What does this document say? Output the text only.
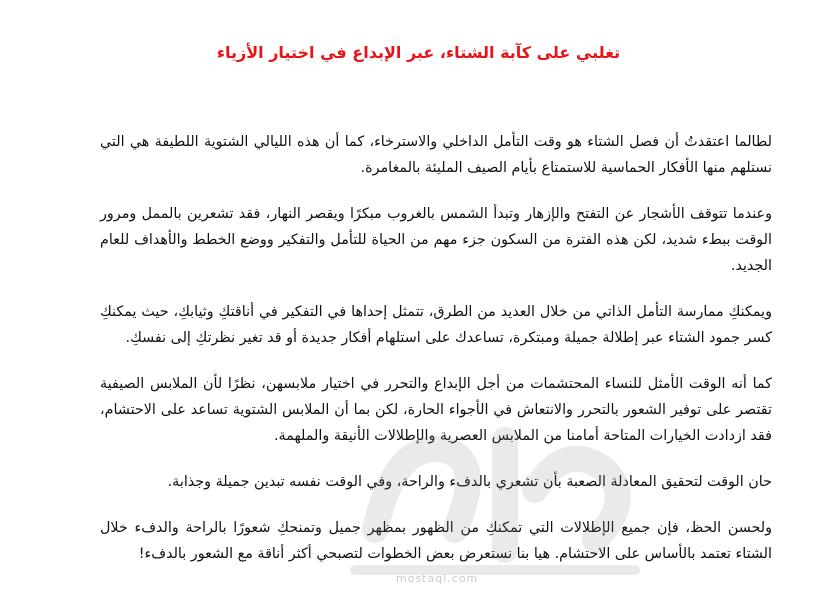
تغلبي على كآبة الشتاء، عبر الإبداع في اختيار الأزياء

لطالما اعتقدتُ أن فصل الشتاء هو وقت التأمل الداخلي والاسترخاء، كما أن هذه الليالي الشتوية اللطيفة هي التي نستلهم منها الأفكار الحماسية للاستمتاع بأيام الصيف المليئة بالمغامرة.

وعندما تتوقف الأشجار عن التفتح والإزهار وتبدأ الشمس بالغروب مبكرًا ويقصر النهار، فقد تشعرين بالممل ومرور الوقت ببطء شديد، لكن هذه الفترة من السكون جزء مهم من الحياة للتأمل والتفكير ووضع الخطط والأهداف للعام الجديد.

ويمكنكِ ممارسة التأمل الذاتي من خلال العديد من الطرق، تتمثل إحداها في التفكير في أناقتكِ وثيابكِ، حيث يمكنكِ كسر جمود الشتاء عبر إطلالة جميلة ومبتكرة، تساعدك على استلهام أفكار جديدة أو قد تغير نظرتكِ إلى نفسكِ.

كما أنه الوقت الأمثل للنساء المحتشمات من أجل الإبداع والتحرر في اختيار ملابسهن، نظرًا لأن الملابس الصيفية تقتصر على توفير الشعور بالتحرر والانتعاش في الأجواء الحارة، لكن بما أن الملابس الشتوية تساعد على الاحتشام، فقد ازدادت الخيارات المتاحة أمامنا من الملابس العصرية والإطلالات الأنيقة والملهمة.

حان الوقت لتحقيق المعادلة الصعبة بأن تشعري بالدفء والراحة، وفي الوقت نفسه تبدين جميلة وجذابة.

ولحسن الحظ، فإن جميع الإطلالات التي تمكنكِ من الظهور بمظهر جميل وتمنحكِ شعورًا بالراحة والدفء خلال الشتاء تعتمد بالأساس على الاحتشام. هيا بنا نستعرض بعض الخطوات لتصبحي أكثر أناقة مع الشعور بالدفء!

mostaql.com
